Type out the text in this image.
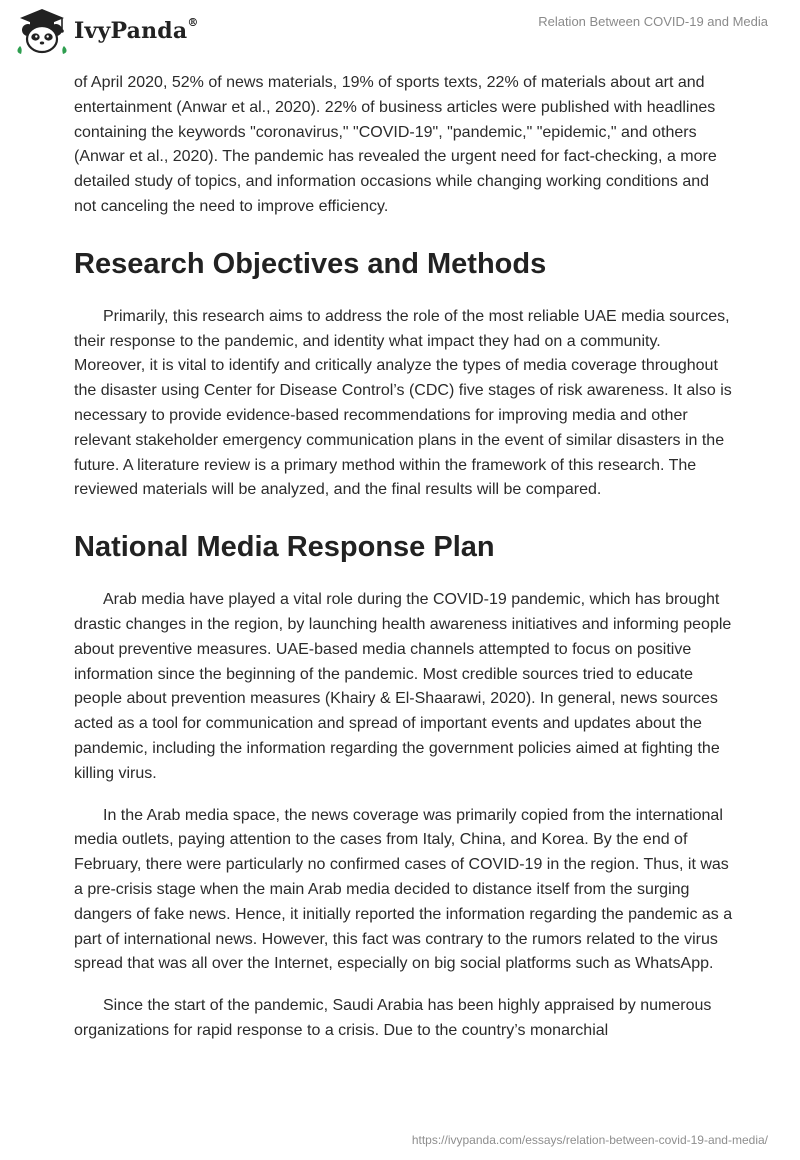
IvyPanda®	Relation Between COVID-19 and Media

of April 2020, 52% of news materials, 19% of sports texts, 22% of materials about art and entertainment (Anwar et al., 2020). 22% of business articles were published with headlines containing the keywords "coronavirus," "COVID-19", "pandemic," "epidemic," and others (Anwar et al., 2020). The pandemic has revealed the urgent need for fact-checking, a more detailed study of topics, and information occasions while changing working conditions and not canceling the need to improve efficiency.

Research Objectives and Methods

Primarily, this research aims to address the role of the most reliable UAE media sources, their response to the pandemic, and identity what impact they had on a community. Moreover, it is vital to identify and critically analyze the types of media coverage throughout the disaster using Center for Disease Control’s (CDC) five stages of risk awareness. It also is necessary to provide evidence-based recommendations for improving media and other relevant stakeholder emergency communication plans in the event of similar disasters in the future. A literature review is a primary method within the framework of this research. The reviewed materials will be analyzed, and the final results will be compared.

National Media Response Plan

Arab media have played a vital role during the COVID-19 pandemic, which has brought drastic changes in the region, by launching health awareness initiatives and informing people about preventive measures. UAE-based media channels attempted to focus on positive information since the beginning of the pandemic. Most credible sources tried to educate people about prevention measures (Khairy & El-Shaarawi, 2020). In general, news sources acted as a tool for communication and spread of important events and updates about the pandemic, including the information regarding the government policies aimed at fighting the killing virus.

In the Arab media space, the news coverage was primarily copied from the international media outlets, paying attention to the cases from Italy, China, and Korea. By the end of February, there were particularly no confirmed cases of COVID-19 in the region. Thus, it was a pre-crisis stage when the main Arab media decided to distance itself from the surging dangers of fake news. Hence, it initially reported the information regarding the pandemic as a part of international news. However, this fact was contrary to the rumors related to the virus spread that was all over the Internet, especially on big social platforms such as WhatsApp.

Since the start of the pandemic, Saudi Arabia has been highly appraised by numerous organizations for rapid response to a crisis. Due to the country’s monarchial

https://ivypanda.com/essays/relation-between-covid-19-and-media/
